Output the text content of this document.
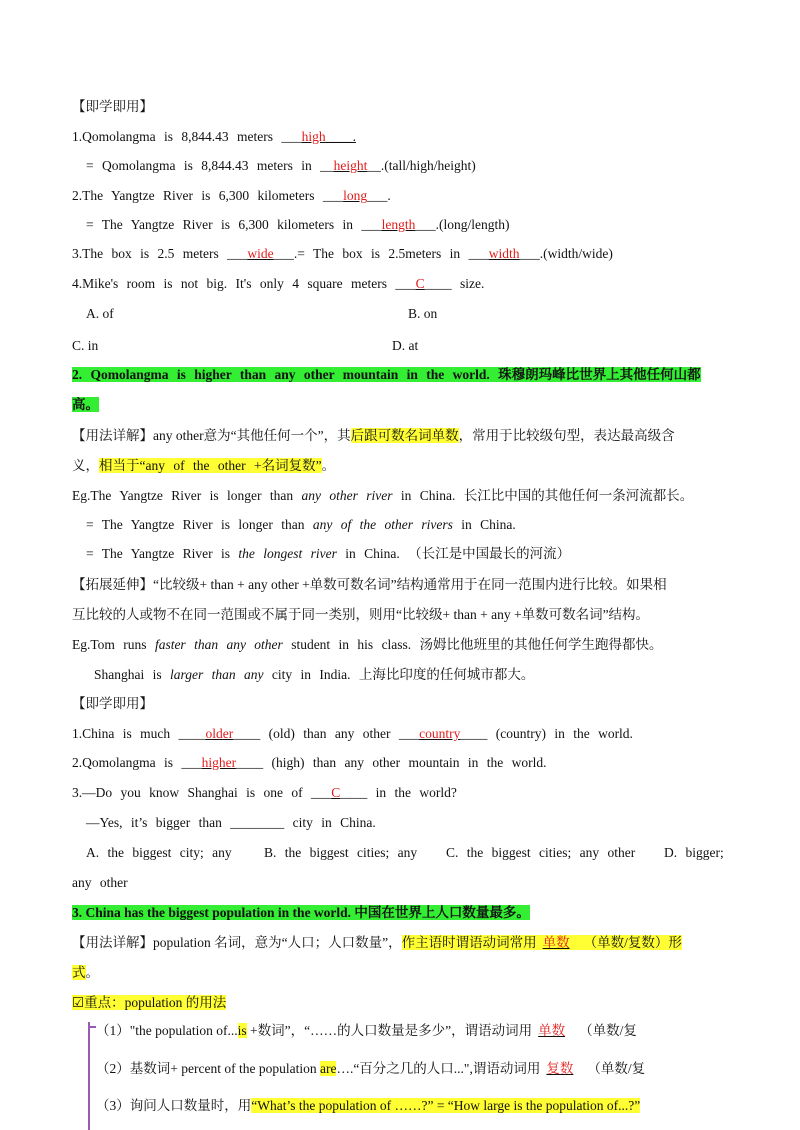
【即学即用】
1.Qomolangma is 8,844.43 meters ___high____.
= Qomolangma is 8,844.43 meters in __height__.(tall/high/height)
2.The Yangtze River is 6,300 kilometers ___long___.
= The Yangtze River is 6,300 kilometers in ___length___.(long/length)
3.The box is 2.5 meters ___wide___.= The box is 2.5meters in ___width___.(width/wide)
4.Mike's room is not big. It's only 4 square meters ___C____ size.
A. of	B. on
C. in	D. at
2. Qomolangma is higher than any other mountain in the world. 珠穆朗玛峰比世界上其他任何山都
高。
【用法详解】any other意为“其他任何一个”，其后跟可数名词单数，常用于比较级句型，表达最高级含
义，相当于“any of the other +名词复数”。
Eg.The Yangtze River is longer than any other river in China. 长江比中国的其他任何一条河流都长。
= The Yangtze River is longer than any of the other rivers in China.
= The Yangtze River is the longest river in China. （长江是中国最长的河流）
【拓展延伸】“比较级+ than + any other +单数可数名词”结构通常用于在同一范围内进行比较。如果相
互比较的人或物不在同一范围或不属于同一类别，则用“比较级+ than + any +单数可数名词”结构。
Eg.Tom runs faster than any other student in his class. 汤姆比他班里的其他任何学生跑得都快。
Shanghai is larger than any city in India. 上海比印度的任何城市都大。
【即学即用】
1.China is much ____older____ (old) than any other ___country____ (country) in the world.
2.Qomolangma is ___higher____ (high) than any other mountain in the world.
3.—Do you know Shanghai is one of ___C____ in the world?
—Yes, it’s bigger than ________ city in China.
A. the biggest city; any B. the biggest cities; any C. the biggest cities; any other D. bigger;
any other
3. China has the biggest population in the world. 中国在世界上人口数量最多。
【用法详解】population 名词，意为“人口；人口数量”，作主语时谓语动词常用 单数 （单数/复数）形
式。
☑重点：population 的用法
（1）"the population of...is +数词”，“……的人口数量是多少”，谓语动词用 单数 （单数/复
（2）基数词+ percent of the population are….“百分之几的人口...",谓语动词用 复数 （单数/复
（3）询问人口数量时，用“What’s the population of ……?” = “How large is the population of...?”
